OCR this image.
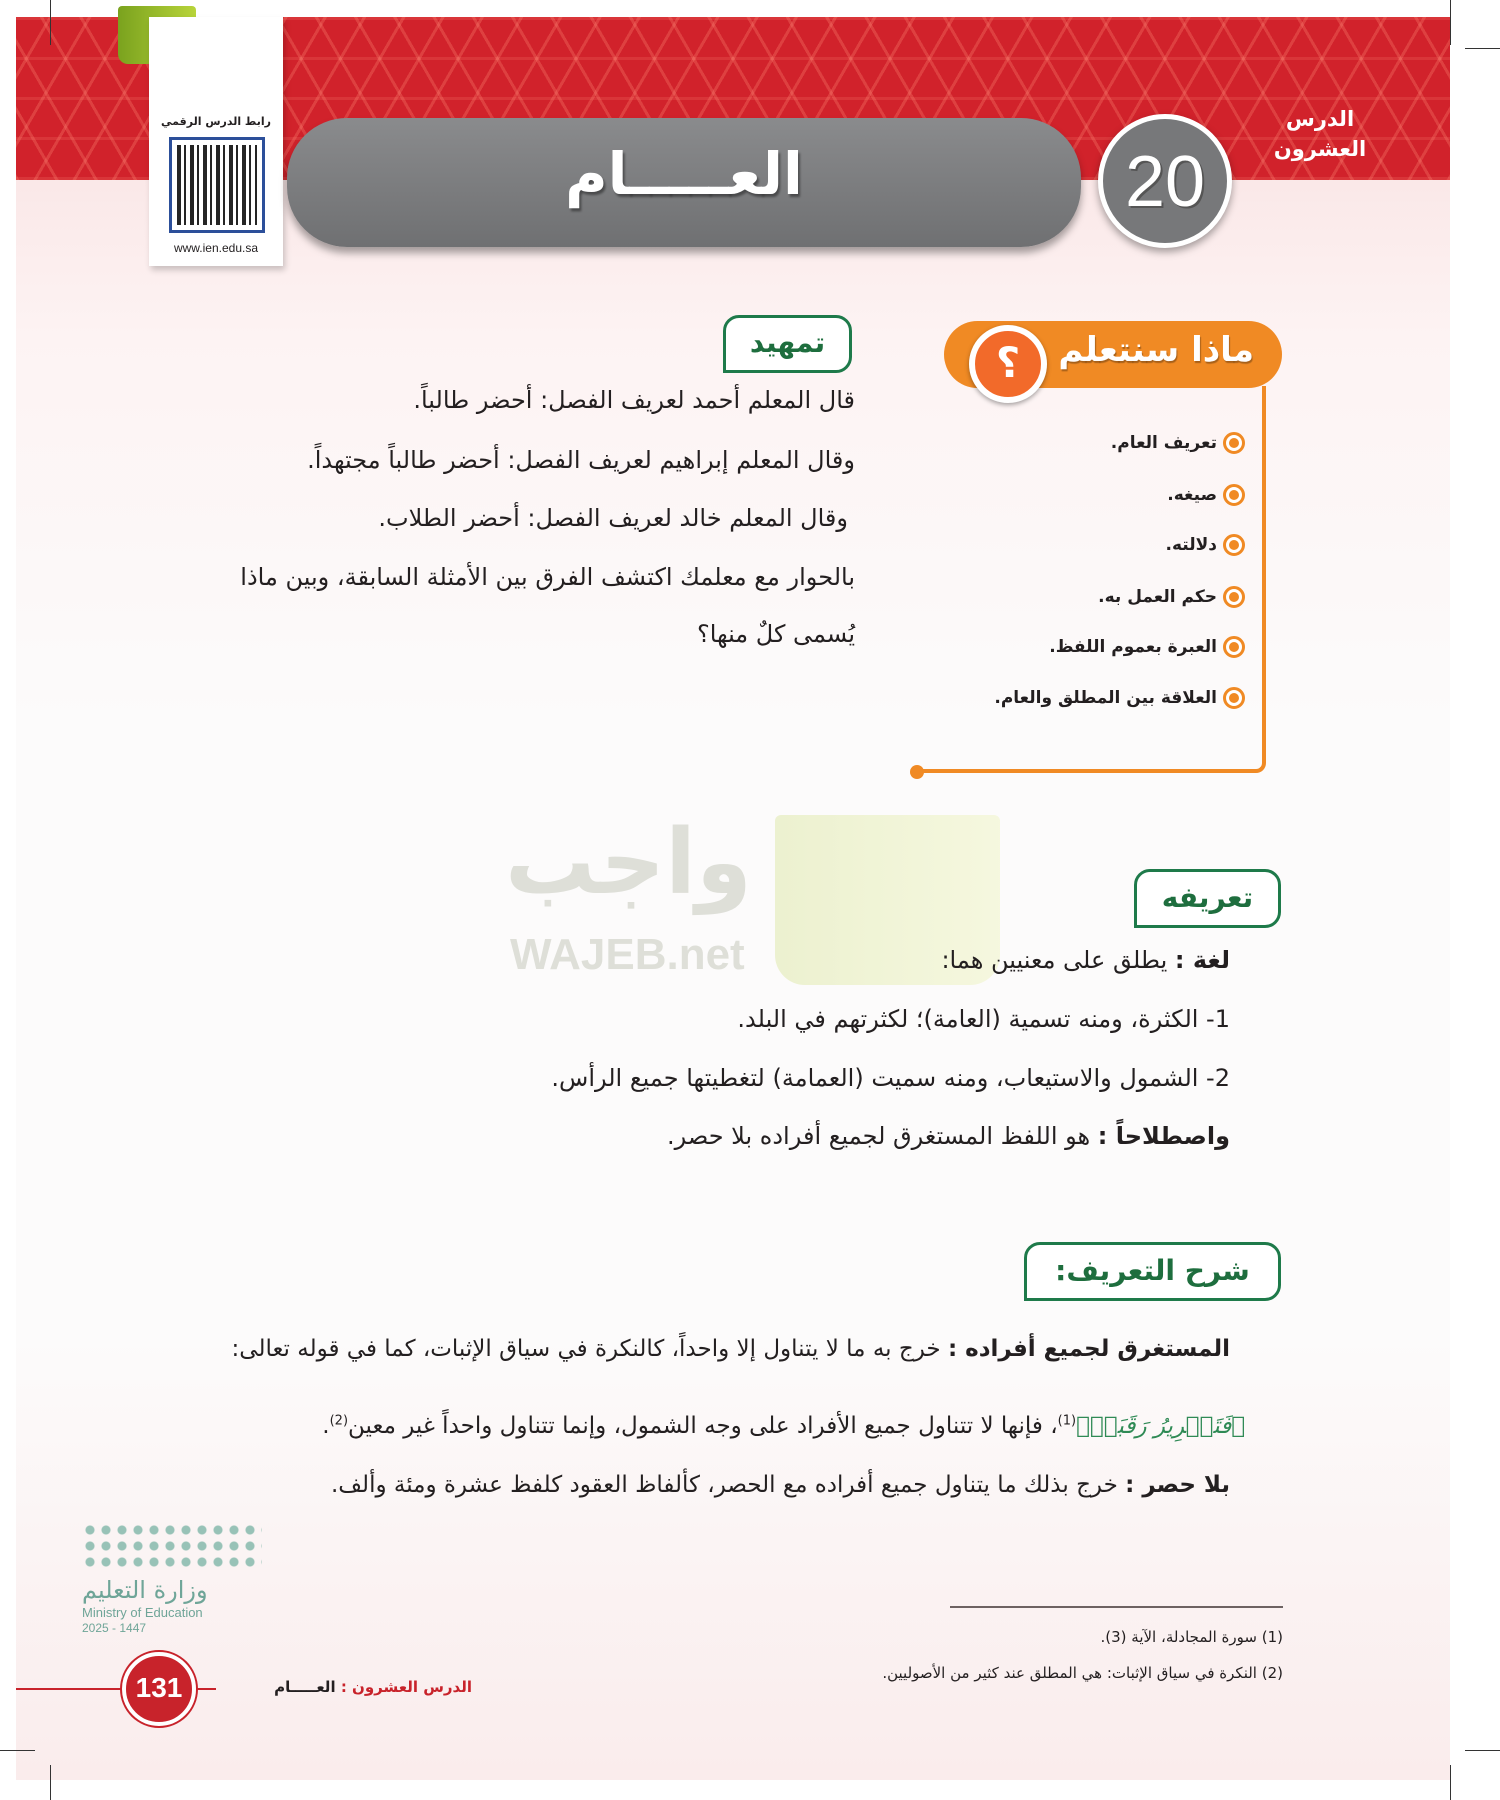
رابط الدرس الرقمي
www.ien.edu.sa
العـــــام	20
الدرس
العشرون
ماذا سنتعلم
؟
تعريف العام.
صيغه.
دلالته.
حكم العمل به.
العبرة بعموم اللفظ.
العلاقة بين المطلق والعام.
تمهيد
قال المعلم أحمد لعريف الفصل: أحضر طالباً.
وقال المعلم إبراهيم لعريف الفصل: أحضر طالباً مجتهداً.
وقال المعلم خالد لعريف الفصل: أحضر الطلاب.
بالحوار مع معلمك اكتشف الفرق بين الأمثلة السابقة، وبين ماذا
يُسمى كلٌ منها؟
واجب
WAJEB.net
تعريفه
لغة : يطلق على معنيين هما:
1- الكثرة، ومنه تسمية (العامة)؛ لكثرتهم في البلد.
2- الشمول والاستيعاب، ومنه سميت (العمامة) لتغطيتها جميع الرأس.
واصطلاحاً : هو اللفظ المستغرق لجميع أفراده بلا حصر.
شرح التعريف:
المستغرق لجميع أفراده : خرج به ما لا يتناول إلا واحداً، كالنكرة في سياق الإثبات، كما في قوله تعالى:
﴿فَتَحۡرِيرُ رَقَبَةٖ﴾$^{(1)}$، فإنها لا تتناول جميع الأفراد على وجه الشمول، وإنما تتناول واحداً غير معين$^{(2)}$.
بلا حصر : خرج بذلك ما يتناول جميع أفراده مع الحصر، كألفاظ العقود كلفظ عشرة ومئة وألف.
(1) سورة المجادلة، الآية (3).
(2) النكرة في سياق الإثبات: هي المطلق عند كثير من الأصوليين.
وزارة التعليم
Ministry of Education
2025 - 1447
131	الدرس العشرون : العـــــام
